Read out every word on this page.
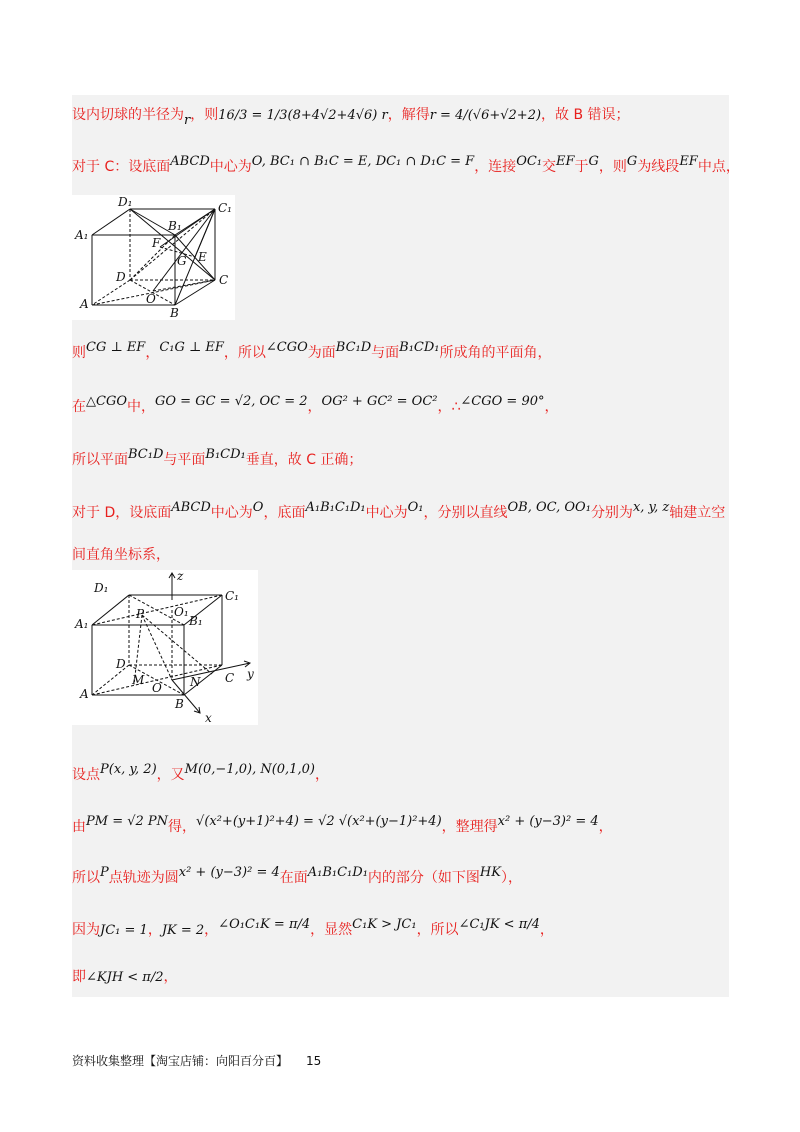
设内切球的半径为r，则16/3 = 1/3(8+4√2+4√6) r，解得r = 4/(√6+√2+2)，故 B 错误；
对于 C：设底面ABCD中心为O, BC₁ ∩ B₁C = E, DC₁ ∩ D₁C = F，连接OC₁交EF于G，则G为线段EF中点，
A₁
D₁	C₁
B₁
A
D	C
B
E
F
G
O
则CG ⊥ EF，C₁G ⊥ EF，所以∠CGO为面BC₁D与面B₁CD₁所成角的平面角，
在△CGO中，GO = GC = √2, OC = 2，OG² + GC² = OC²，∴∠CGO = 90°，
所以平面BC₁D与平面B₁CD₁垂直，故 C 正确；
对于 D，设底面ABCD中心为O，底面A₁B₁C₁D₁中心为O₁，分别以直线OB, OC, OO₁分别为x, y, z轴建立空
间直角坐标系，
D₁
C₁
B₁
O₁
P
A₁
D
M
O N C
A
B
x
y
z
设点P(x, y, 2)，又M(0,−1,0), N(0,1,0)，
由PM = √2 PN得，√(x²+(y+1)²+4) = √2 √(x²+(y−1)²+4)，整理得x² + (y−3)² = 4，
所以P点轨迹为圆x² + (y−3)² = 4在面A₁B₁C₁D₁内的部分（如下图HK），
因为JC₁ = 1，JK = 2，∠O₁C₁K = π/4，显然C₁K > JC₁，所以∠C₁JK < π/4，
即∠KJH < π/2，
资料收集整理【淘宝店铺：向阳百分百】 15
